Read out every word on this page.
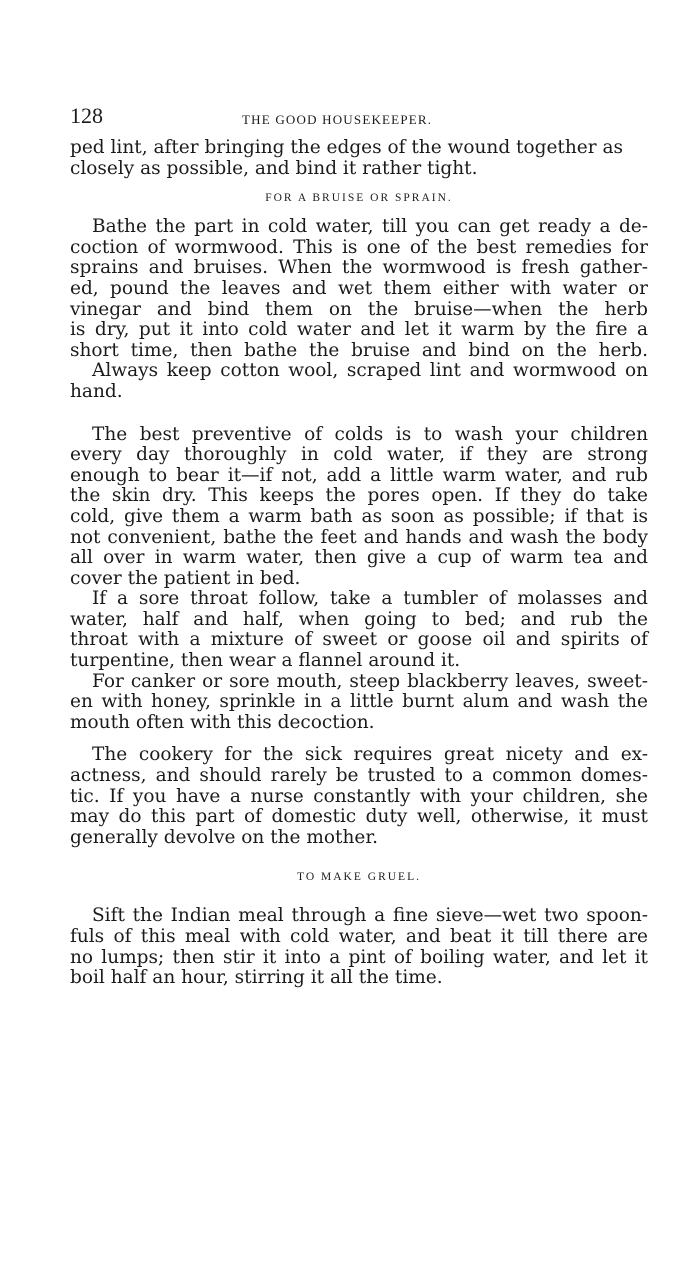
128	THE GOOD HOUSEKEEPER.

ped lint, after bringing the edges of the wound together as
closely as possible, and bind it rather tight.

FOR A BRUISE OR SPRAIN.

Bathe the part in cold water, till you can get ready a de-
coction of wormwood. This is one of the best remedies for
sprains and bruises. When the wormwood is fresh gather-
ed, pound the leaves and wet them either with water or
vinegar and bind them on the bruise—when the herb
is dry, put it into cold water and let it warm by the fire a
short time, then bathe the bruise and bind on the herb.

Always keep cotton wool, scraped lint and wormwood on
hand.

The best preventive of colds is to wash your children
every day thoroughly in cold water, if they are strong
enough to bear it—if not, add a little warm water, and rub
the skin dry. This keeps the pores open. If they do take
cold, give them a warm bath as soon as possible; if that is
not convenient, bathe the feet and hands and wash the body
all over in warm water, then give a cup of warm tea and
cover the patient in bed.

If a sore throat follow, take a tumbler of molasses and
water, half and half, when going to bed; and rub the
throat with a mixture of sweet or goose oil and spirits of
turpentine, then wear a flannel around it.

For canker or sore mouth, steep blackberry leaves, sweet-
en with honey, sprinkle in a little burnt alum and wash the
mouth often with this decoction.

The cookery for the sick requires great nicety and ex-
actness, and should rarely be trusted to a common domes-
tic. If you have a nurse constantly with your children, she
may do this part of domestic duty well, otherwise, it must
generally devolve on the mother.

TO MAKE GRUEL.

Sift the Indian meal through a fine sieve—wet two spoon-
fuls of this meal with cold water, and beat it till there are
no lumps; then stir it into a pint of boiling water, and let it
boil half an hour, stirring it all the time.
